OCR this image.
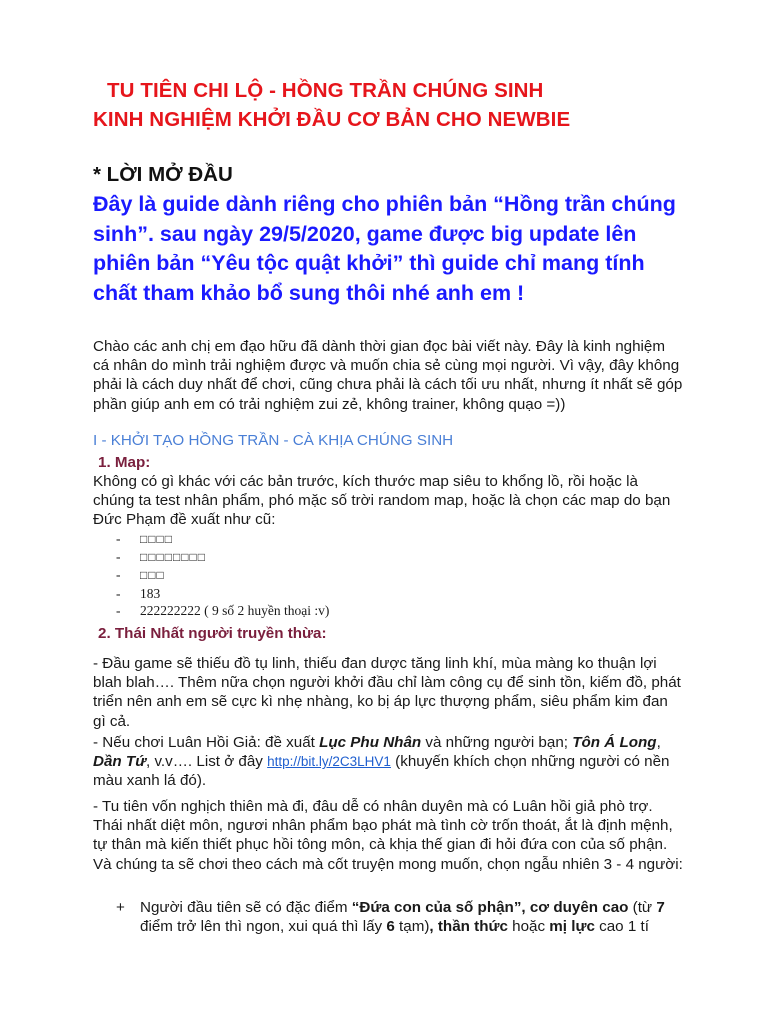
TU TIÊN CHI LỘ - HỒNG TRẦN CHÚNG SINH
KINH NGHIỆM KHỞI ĐẦU CƠ BẢN CHO NEWBIE
* LỜI MỞ ĐẦU
Đây là guide dành riêng cho phiên bản “Hồng trần chúng sinh”. sau ngày 29/5/2020, game được big update lên phiên bản “Yêu tộc quật khởi” thì guide chỉ mang tính chất tham khảo bổ sung thôi nhé anh em !
Chào các anh chị em đạo hữu đã dành thời gian đọc bài viết này. Đây là kinh nghiệm cá nhân do mình trải nghiệm được và muốn chia sẻ cùng mọi người. Vì vậy, đây không phải là cách duy nhất để chơi, cũng chưa phải là cách tối ưu nhất, nhưng ít nhất sẽ góp phần giúp anh em có trải nghiệm zui zẻ, không trainer, không quạo =))
I - KHỞI TẠO HỒNG TRẦN - CÀ KHỊA CHÚNG SINH
1. Map:
Không có gì khác với các bản trước, kích thước map siêu to khổng lồ, rồi hoặc là chúng ta test nhân phẩm, phó mặc số trời random map, hoặc là chọn các map do bạn Đức Phạm đề xuất như cũ:
- □□□□
- □□□□□□□□
- □□□
- 183
- 222222222 ( 9 số 2 huyền thoại :v)
2. Thái Nhất người truyền thừa:
- Đầu game sẽ thiếu đồ tụ linh, thiếu đan dược tăng linh khí, mùa màng ko thuận lợi blah blah…. Thêm nữa chọn người khởi đầu chỉ làm công cụ để sinh tồn, kiếm đồ, phát triển nên anh em sẽ cực kì nhẹ nhàng, ko bị áp lực thượng phẩm, siêu phẩm kim đan gì cả.
- Nếu chơi Luân Hồi Giả: đề xuất Lục Phu Nhân và những người bạn; Tôn Á Long, Dần Tứ, v.v…. List ở đây http://bit.ly/2C3LHV1 (khuyến khích chọn những người có nền màu xanh lá đó).
- Tu tiên vốn nghịch thiên mà đi, đâu dễ có nhân duyên mà có Luân hồi giả phò trợ. Thái nhất diệt môn, ngươi nhân phẩm bạo phát mà tình cờ trốn thoát, ắt là định mệnh, tự thân mà kiến thiết phục hồi tông môn, cà khịa thế gian đi hỏi đứa con của số phận. Và chúng ta sẽ chơi theo cách mà cốt truyện mong muốn, chọn ngẫu nhiên 3 - 4 người:
+ Người đầu tiên sẽ có đặc điểm “Đứa con của số phận”, cơ duyên cao (từ 7 điểm trở lên thì ngon, xui quá thì lấy 6 tạm), thần thức hoặc mị lực cao 1 tí
